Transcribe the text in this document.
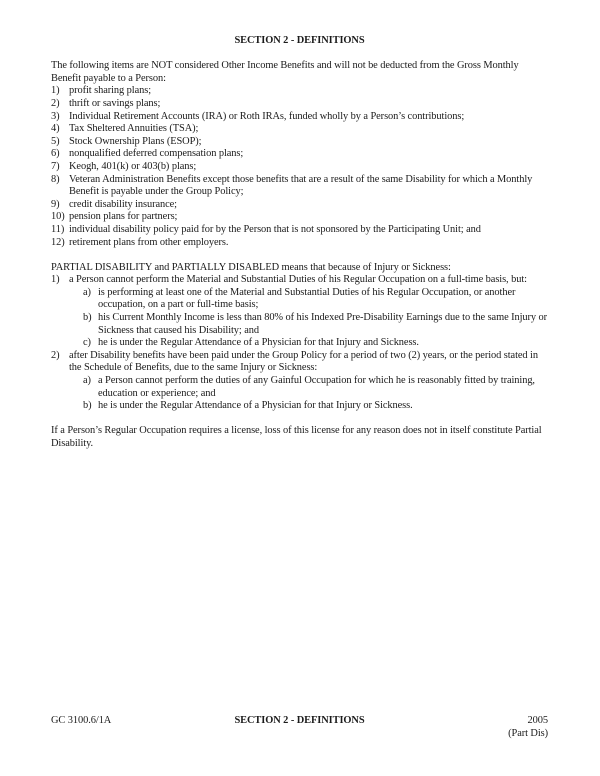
SECTION 2 - DEFINITIONS

The following items are NOT considered Other Income Benefits and will not be deducted from the Gross Monthly Benefit payable to a Person:

1) profit sharing plans;
2) thrift or savings plans;
3) Individual Retirement Accounts (IRA) or Roth IRAs, funded wholly by a Person’s contributions;
4) Tax Sheltered Annuities (TSA);
5) Stock Ownership Plans (ESOP);
6) nonqualified deferred compensation plans;
7) Keogh, 401(k) or 403(b) plans;
8) Veteran Administration Benefits except those benefits that are a result of the same Disability for which a Monthly Benefit is payable under the Group Policy;
9) credit disability insurance;
10) pension plans for partners;
11) individual disability policy paid for by the Person that is not sponsored by the Participating Unit; and
12) retirement plans from other employers.
PARTIAL DISABILITY and PARTIALLY DISABLED means that because of Injury or Sickness:
1) a Person cannot perform the Material and Substantial Duties of his Regular Occupation on a full-time basis, but:
a) is performing at least one of the Material and Substantial Duties of his Regular Occupation, or another occupation, on a part or full-time basis;
b) his Current Monthly Income is less than 80% of his Indexed Pre-Disability Earnings due to the same Injury or Sickness that caused his Disability; and
c) he is under the Regular Attendance of a Physician for that Injury and Sickness.
2) after Disability benefits have been paid under the Group Policy for a period of two (2) years, or the period stated in the Schedule of Benefits, due to the same Injury or Sickness:
a) a Person cannot perform the duties of any Gainful Occupation for which he is reasonably fitted by training, education or experience; and
b) he is under the Regular Attendance of a Physician for that Injury or Sickness.

If a Person’s Regular Occupation requires a license, loss of this license for any reason does not in itself constitute Partial Disability.

GC 3100.6/1A	SECTION 2 - DEFINITIONS	2005
(Part Dis)
